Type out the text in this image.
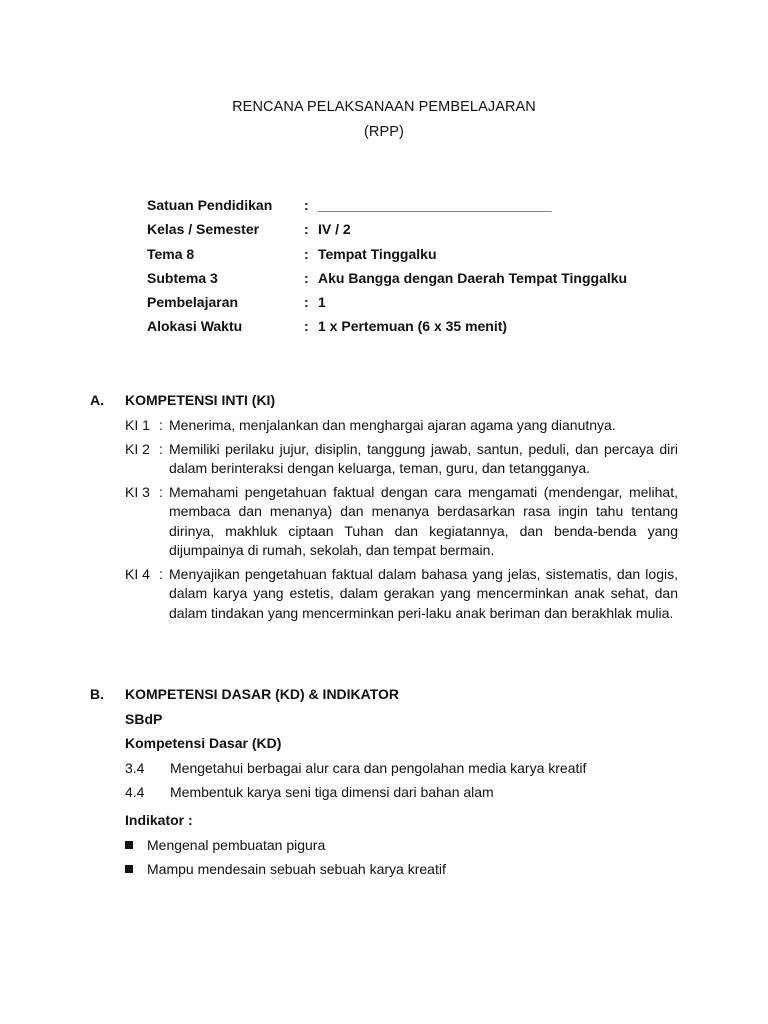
RENCANA PELAKSANAAN PEMBELAJARAN
(RPP)
Satuan Pendidikan : ______________________________
Kelas / Semester	: IV / 2
Tema 8	: Tempat Tinggalku
Subtema 3	: Aku Bangga dengan Daerah Tempat Tinggalku
Pembelajaran	: 1
Alokasi Waktu	: 1 x Pertemuan (6 x 35 menit)
A. KOMPETENSI INTI (KI)
KI 1 : Menerima, menjalankan dan menghargai ajaran agama yang dianutnya.
KI 2 : Memiliki perilaku jujur, disiplin, tanggung jawab, santun, peduli, dan percaya diri dalam berinteraksi dengan keluarga, teman, guru, dan tetangganya.
KI 3 : Memahami pengetahuan faktual dengan cara mengamati (mendengar, melihat, membaca dan menanya) dan menanya berdasarkan rasa ingin tahu tentang dirinya, makhluk ciptaan Tuhan dan kegiatannya, dan benda-benda yang dijumpainya di rumah, sekolah, dan tempat bermain.
KI 4 : Menyajikan pengetahuan faktual dalam bahasa yang jelas, sistematis, dan logis, dalam karya yang estetis, dalam gerakan yang mencerminkan anak sehat, dan dalam tindakan yang mencerminkan peri-laku anak beriman dan berakhlak mulia.
B. KOMPETENSI DASAR (KD) & INDIKATOR
SBdP
Kompetensi Dasar (KD)
3.4 Mengetahui berbagai alur cara dan pengolahan media karya kreatif
4.4 Membentuk karya seni tiga dimensi dari bahan alam
Indikator :
Mengenal pembuatan pigura
Mampu mendesain sebuah sebuah karya kreatif
